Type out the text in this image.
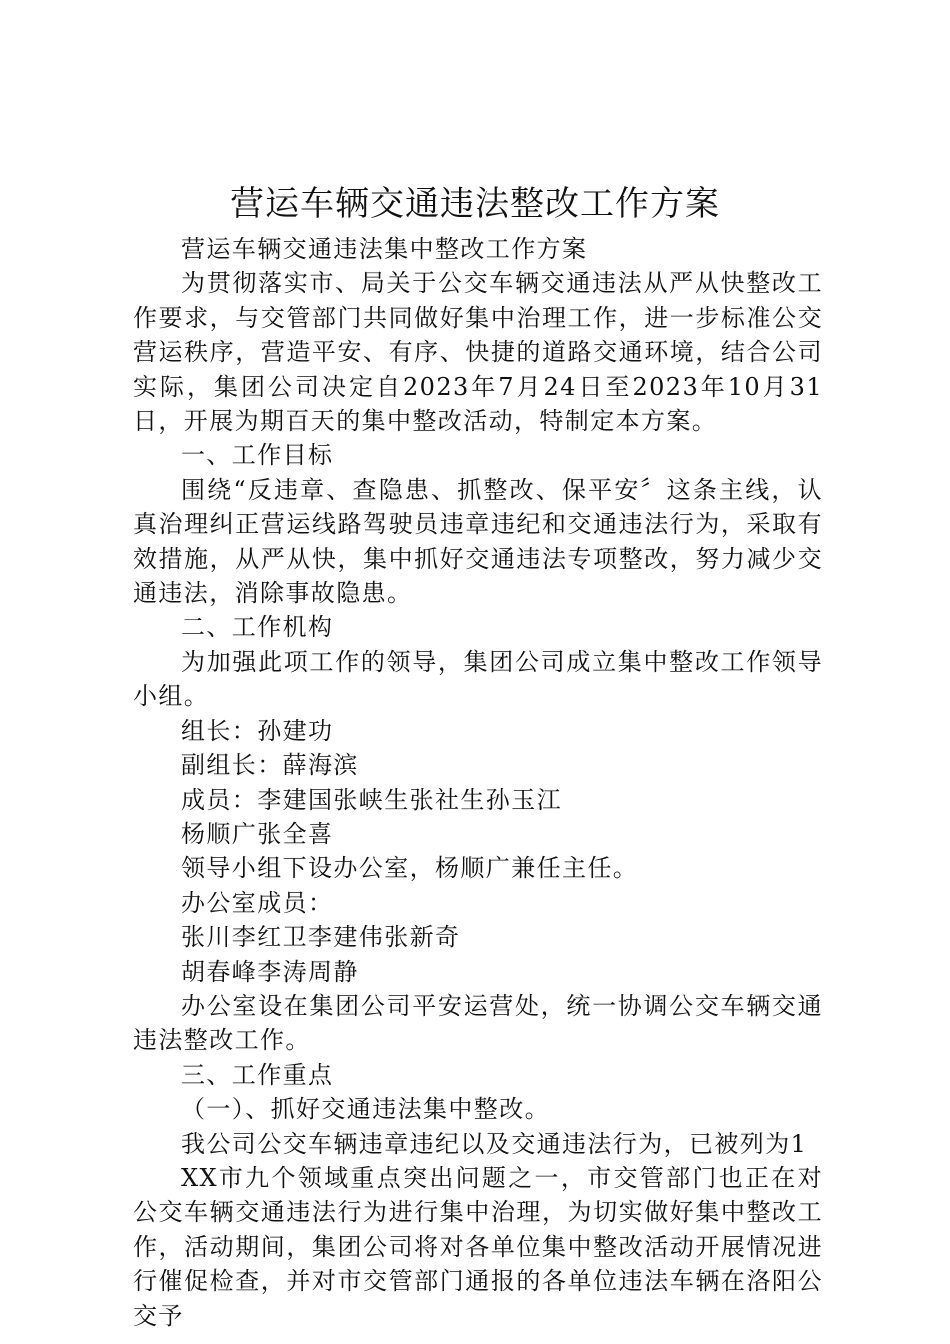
营运车辆交通违法整改工作方案

营运车辆交通违法集中整改工作方案

为贯彻落实市、局关于公交车辆交通违法从严从快整改工作要求，与交管部门共同做好集中治理工作，进一步标准公交营运秩序，营造平安、有序、快捷的道路交通环境，结合公司实际，集团公司决定自2023年7月24日至2023年10月31日，开展为期百天的集中整改活动，特制定本方案。

一、工作目标

围绕“反违章、查隐患、抓整改、保平安〞这条主线，认真治理纠正营运线路驾驶员违章违纪和交通违法行为，采取有效措施，从严从快，集中抓好交通违法专项整改，努力减少交通违法，消除事故隐患。

二、工作机构

为加强此项工作的领导，集团公司成立集中整改工作领导小组。

组长：孙建功

副组长：薛海滨

成员：李建国张峡生张社生孙玉江

杨顺广张全喜

领导小组下设办公室，杨顺广兼任主任。

办公室成员：

张川李红卫李建伟张新奇

胡春峰李涛周静

办公室设在集团公司平安运营处，统一协调公交车辆交通违法整改工作。

三、工作重点

（一）、抓好交通违法集中整改。

我公司公交车辆违章违纪以及交通违法行为，已被列为1

XX市九个领域重点突出问题之一，市交管部门也正在对公交车辆交通违法行为进行集中治理，为切实做好集中整改工作，活动期间，集团公司将对各单位集中整改活动开展情况进行催促检查，并对市交管部门通报的各单位违法车辆在洛阳公交予
